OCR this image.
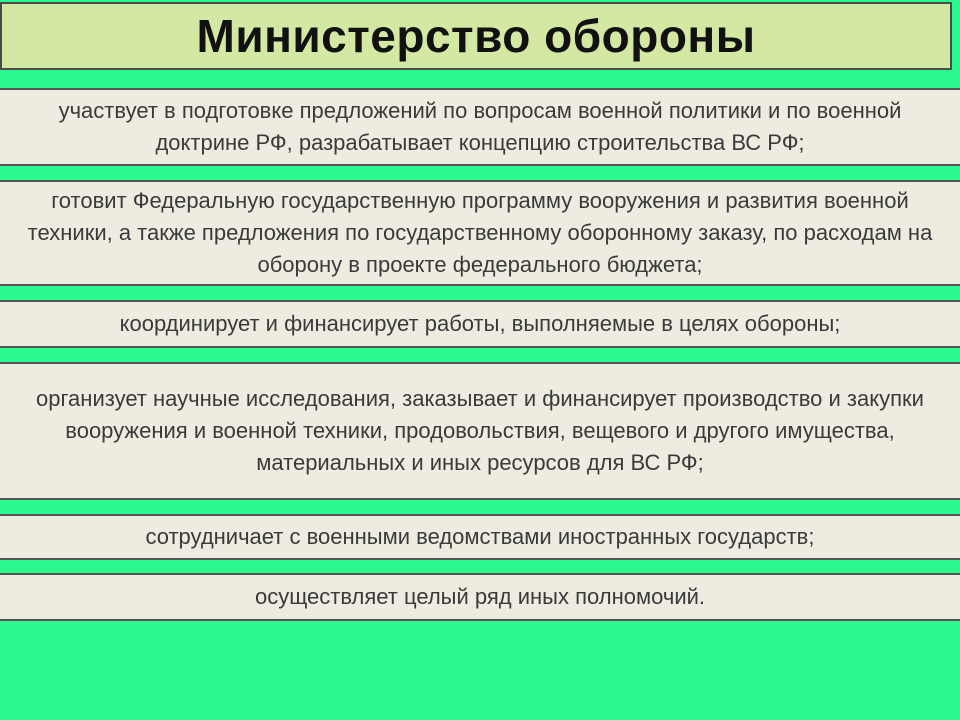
Министерство обороны
участвует в подготовке предложений по вопросам военной политики и по военной доктрине РФ, разрабатывает концепцию строительства ВС РФ;
готовит Федеральную государственную программу вооружения и развития военной техники, а также предложения по государственному оборонному заказу, по расходам на оборону в проекте федерального бюджета;
координирует и финансирует работы, выполняемые в целях обороны;
организует научные исследования, заказывает и финансирует производство и закупки вооружения и военной техники, продовольствия, вещевого и другого имущества, материальных и иных ресурсов для ВС РФ;
сотрудничает с военными ведомствами иностранных государств;
осуществляет целый ряд иных полномочий.
